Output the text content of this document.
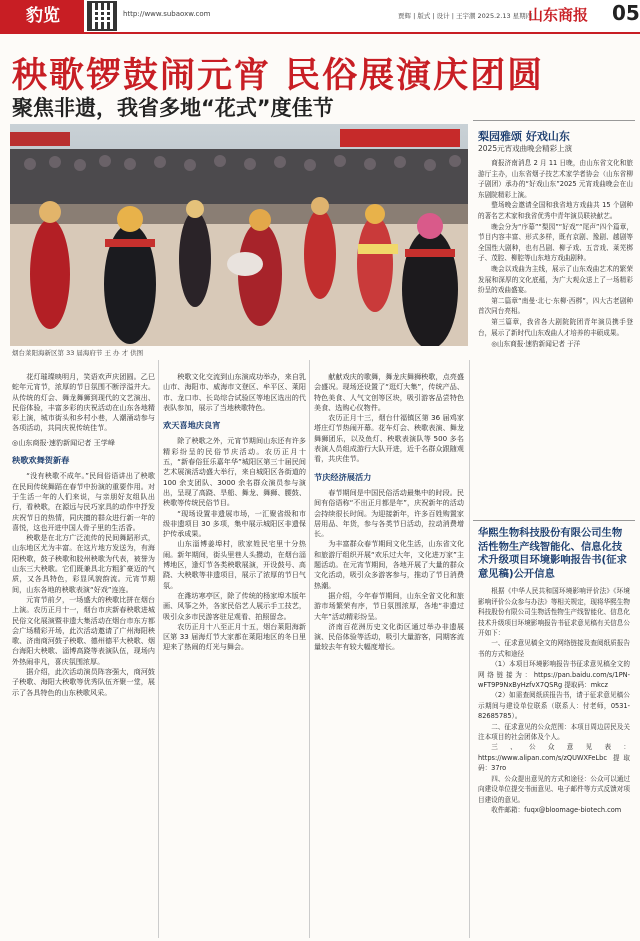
豹览	http://www.subaoxw.com	贾辉 | 版式 | 设计 | 王宇潮 2025.2.13 星期四
山东商报 05
秧歌锣鼓闹元宵 民俗展演庆团圆
聚焦非遗，我省多地“花式”度佳节
烟台莱阳海新区第 33 届海府节 王 办 才 供图
梨园雅颂 好戏山东
2025元宵戏曲晚会精彩上演

商报济南消息 2 月 11 日晚，由山东省文化和旅游厅主办，山东省烟子技艺术家学者协会（山东省柳子剧团）承办的“好戏山东”2025 元宵戏曲晚会在山东剧院精彩上演。

整场晚会邀请全国和我省地方戏曲共 15 个剧种的著名艺术家和我省优秀中青年演员联袂献艺。

晚会分为“序幕”“梨园”“好戏”“尾声”四个篇章，节目内容丰富、形式多样，既有京剧、豫剧、越剧等全国性大剧种，也有吕剧、柳子戏、五音戏、莱芜梆子、茂腔、柳腔等山东地方戏曲剧种。

晚会以戏曲为主线，展示了山东戏曲艺术的繁荣发展和深厚的文化底蕴，为广大观众送上了一场精彩纷呈的戏曲盛宴。

第二篇章“南曼·北七·东柳·西梆”，四大古老剧种首次同台亮相。

第三篇章，我省各大剧院院团青年演员携手登台，展示了新时代山东戏曲人才培养的丰硕成果。

◎山东商报·速豹新闻记者 于洋

华熙生物科技股份有限公司生物活性物生产线智能化、信息化技术升级项目环境影响报告书(征求意见稿)公开信息

根据《中华人民共和国环境影响评价法》《环境影响评价公众参与办法》等相关规定，现将华熙生物科技股份有限公司生物活性物生产线智能化、信息化技术升级项目环境影响报告书征求意见稿有关信息公开如下：

一、征求意见稿全文的网络链接及查阅纸质报告书的方式和途径

（1）本项目环境影响报告书征求意见稿全文的网络链接为：https://pan.baidu.com/s/1PN-wFT9P9NxByHzfvX7QSRg 提取码：mkcz

（2）如需查阅纸质报告书，请于征求意见稿公示期间与建设单位联系（联系人：付老师，0531-82685785）。

二、征求意见的公众范围：本项目周边居民及关注本项目的社会团体及个人。

三、公众意见表：https://www.alipan.com/s/zQUWXFeLbc 提取码：37ro

四、公众提出意见的方式和途径：公众可以通过向建设单位提交书面意见、电子邮件等方式反馈对项目建设的意见。

收件邮箱：fuqx@bloomage-biotech.com

花灯璀璨映明月，笑语欢声庆团圆。乙巳蛇年元宵节，浓厚的节日氛围不断浮溢井大。从传统的灯会、舞龙舞狮到现代的文艺演出、民俗体验，丰富多彩的庆祝活动在山东各地精彩上演，城市街头和乡村小巷，人潮涌动参与各项活动，共同庆祝传统佳节。

◎山东商报·速豹新闻记者 王学峰

秧歌欢舞贺新春

“没有秧歌不成年。”民间俗语讲出了秧歌在民间传统舞蹈在春节中扮演的重要作用。对于生活一年的人们来说，与亲朋好友组队出行，看秧歌，在源远与民巧家具的动作中抒发庆祝节日的热情，同庆擅的群众进行新一年的喜悦，这也开进中国人骨子里的生活香。

秧歌是在北方广泛流传的民间舞蹈形式，山东地区尤为丰富。在这片地方发送为，有海阳秧歌，鼓子秧歌和胶州秧歌为代表，被誉为山东三大秧歌。它们既兼具北方粗犷豪迈的气质，又各具特色，彩显风貌韵流。元宵节期间，山东各地的秧歌表演“好戏”连连。

元宵节前夕，一场盛大的秧歌比拼在烟台上演。农历正月十一，烟台市庆新春秧歌进城民俗文化展演暨非遗大集活动在烟台市东方都会广场精彩开场，此次活动邀请了广州海阳秧歌、济南商河鼓子秧歌、德州德平大秧歌、烟台海阳大秧歌、淄博高跷等表演队伍，现场内外热闹非凡，喜庆氛围浓厚。

据介绍，此次活动演员阵容强大，商河鼓子秧歌、海阳大秧歌等优秀队伍齐聚一堂，展示了各具特色的山东秧歌风采。

秧歌文化交流到山东演成功举办，来自乳山市、海阳市、威海市文登区、牟平区、莱阳市、龙口市、长岛综合试验区等地区选出的代表队参加，展示了当地秧歌特色。

欢天喜地庆良宵

除了秧歌之外，元宵节期间山东还有许多精彩纷呈的民俗节庆活动。农历正月十五，“新春俗狂乐嘉年华”城阳区第三十届民间艺术展演活动盛大举行，来自城阳区各街道的 100 余支团队、3000 余名群众演员参与演出，呈现了高跷、旱船、舞龙、舞狮、腰鼓、秧歌等传统民俗节目。

“现场设置非遗展市场，一汇聚省级和市级非遗项目 30 多项，集中展示城阳区非遗保护传承成果。

山东淄博姜埠村，欧家姓民宅里十分热闹。新年期间，街头里巷人头攒动，在烟台淄博地区，逢灯节各类秧歌展演，开设鼓号、高跷、大秧歌等非遗项目，展示了浓厚的节日气氛。

在潍坊寒亭区，除了传统的杨家埠木版年画、风筝之外，各家民俗艺人展示手工技艺，吸引众多市民游客驻足观看、拍照留念。

农历正月十八至正月十五，烟台莱阳海新区第 33 届海灯节大家都在莱阳地区的冬日里迎来了热闹的灯光与舞会。

献献戏庆的歌舞，舞龙庆舞狮秧歌，点亮盛会盛况。现场还设置了“逛灯大集”，传统产品、特色美食、人气文创等区块，吸引游客品尝特色美食、选购心仪物件。

农历正月十三，烟台什福镇区第 36 届鸡家塔庄灯节热闹开幕。花车灯会、秧歌表演、舞龙舞狮团乐，以及鱼灯、秧歌表演队等 500 多名表演人员组成游行大队开进，近千名群众跟随观看，共庆佳节。

节庆经济展活力

春节期间是中国民俗活动最集中的时段。民间有俗语称“不出正月都是年”，庆祝新年的活动会持续很长时间。为迎接新年，许多百姓购置家居用品、年货，参与各类节日活动，拉动消费增长。

为丰富群众春节期间文化生活，山东省文化和旅游厅组织开展“欢乐过大年，文化进万家”主题活动。在元宵节期间，各地开展了大量的群众文化活动，吸引众多游客参与，推动了节日消费热潮。

据介绍，今年春节期间，山东全省文化和旅游市场繁荣有序，节日氛围浓厚，各地“非遗过大年”活动精彩纷呈。

济南百花洲历史文化街区通过举办非遗展演、民俗体验等活动，吸引大量游客，同期客流量较去年有较大幅度增长。
